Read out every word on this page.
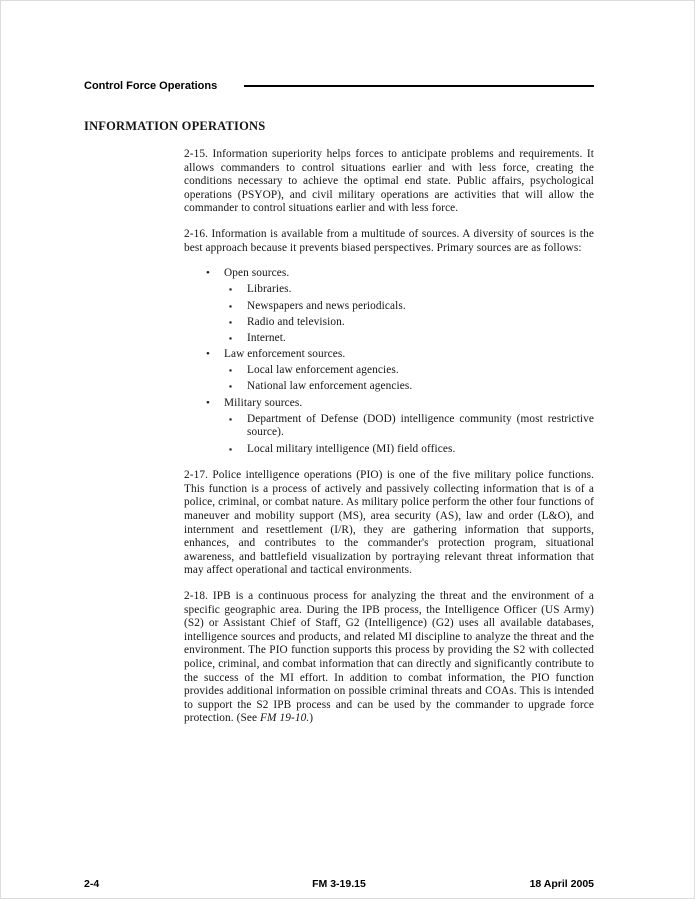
Control Force Operations
INFORMATION OPERATIONS

2-15. Information superiority helps forces to anticipate problems and requirements. It allows commanders to control situations earlier and with less force, creating the conditions necessary to achieve the optimal end state. Public affairs, psychological operations (PSYOP), and civil military operations are activities that will allow the commander to control situations earlier and with less force.

2-16. Information is available from a multitude of sources. A diversity of sources is the best approach because it prevents biased perspectives. Primary sources are as follows:

•	Open sources.
▪	Libraries.
▪	Newspapers and news periodicals.
▪	Radio and television.
▪	Internet.
•	Law enforcement sources.
▪	Local law enforcement agencies.
▪	National law enforcement agencies.
•	Military sources.
▪	Department of Defense (DOD) intelligence community (most restrictive source).
▪	Local military intelligence (MI) field offices.

2-17. Police intelligence operations (PIO) is one of the five military police functions. This function is a process of actively and passively collecting information that is of a police, criminal, or combat nature. As military police perform the other four functions of maneuver and mobility support (MS), area security (AS), law and order (L&O), and internment and resettlement (I/R), they are gathering information that supports, enhances, and contributes to the commander's protection program, situational awareness, and battlefield visualization by portraying relevant threat information that may affect operational and tactical environments.

2-18. IPB is a continuous process for analyzing the threat and the environment of a specific geographic area. During the IPB process, the Intelligence Officer (US Army) (S2) or Assistant Chief of Staff, G2 (Intelligence) (G2) uses all available databases, intelligence sources and products, and related MI discipline to analyze the threat and the environment. The PIO function supports this process by providing the S2 with collected police, criminal, and combat information that can directly and significantly contribute to the success of the MI effort. In addition to combat information, the PIO function provides additional information on possible criminal threats and COAs. This is intended to support the S2 IPB process and can be used by the commander to upgrade force protection. (See FM 19-10.)

2-4	FM 3-19.15	18 April 2005
